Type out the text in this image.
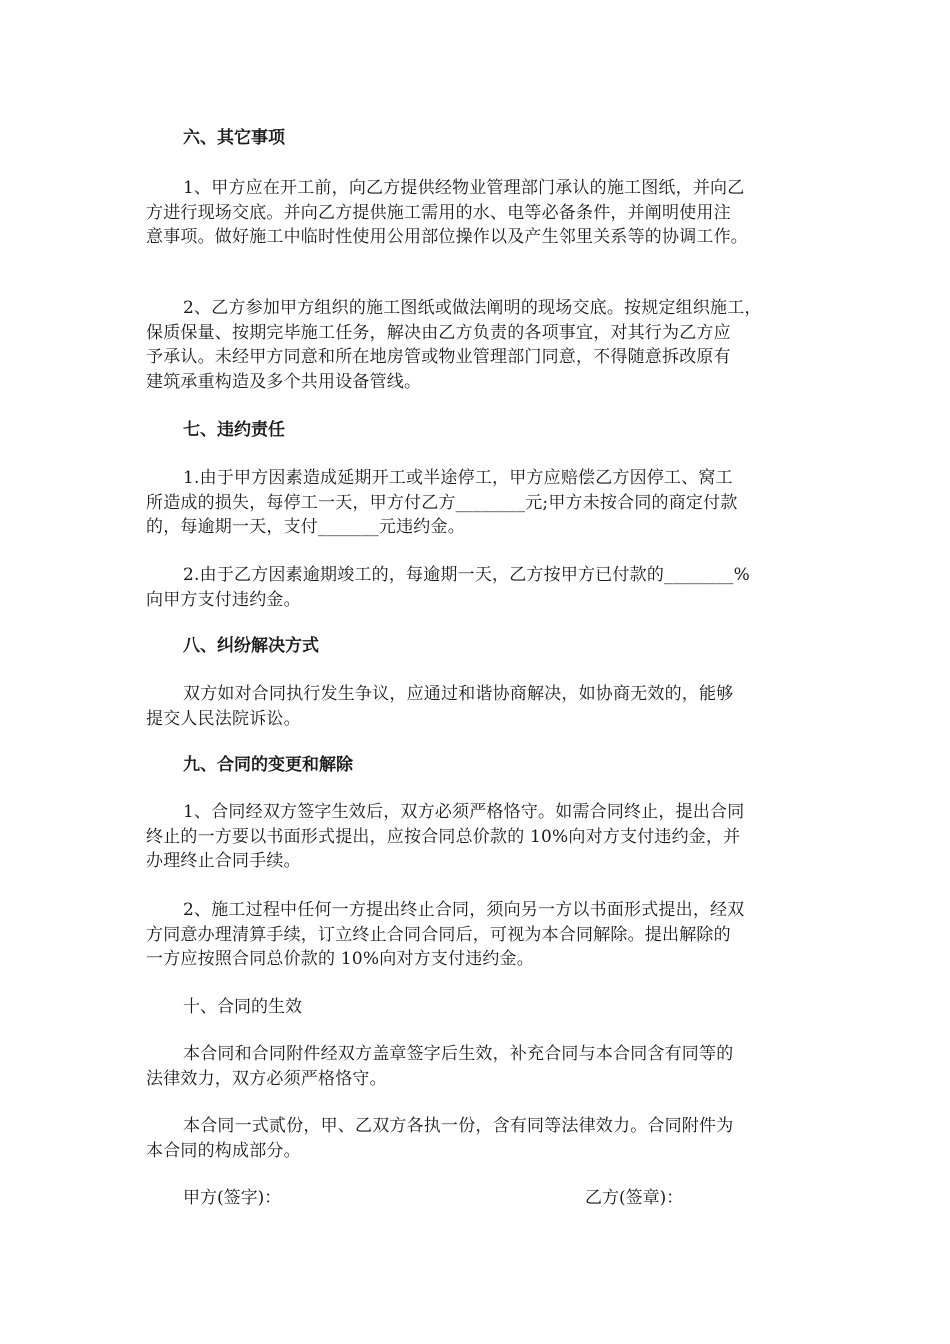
六、其它事项
1、甲方应在开工前，向乙方提供经物业管理部门承认的施工图纸，并向乙
方进行现场交底。并向乙方提供施工需用的水、电等必备条件，并阐明使用注
意事项。做好施工中临时性使用公用部位操作以及产生邻里关系等的协调工作。
2、乙方参加甲方组织的施工图纸或做法阐明的现场交底。按规定组织施工，
保质保量、按期完毕施工任务，解决由乙方负责的各项事宜，对其行为乙方应
予承认。未经甲方同意和所在地房管或物业管理部门同意，不得随意拆改原有
建筑承重构造及多个共用设备管线。
七、违约责任
1.由于甲方因素造成延期开工或半途停工，甲方应赔偿乙方因停工、窝工
所造成的损失，每停工一天，甲方付乙方________元;甲方未按合同的商定付款
的，每逾期一天，支付_______元违约金。
2.由于乙方因素逾期竣工的，每逾期一天，乙方按甲方已付款的________%
向甲方支付违约金。
八、纠纷解决方式
双方如对合同执行发生争议，应通过和谐协商解决，如协商无效的，能够
提交人民法院诉讼。
九、合同的变更和解除
1、合同经双方签字生效后，双方必须严格恪守。如需合同终止，提出合同
终止的一方要以书面形式提出，应按合同总价款的 10%向对方支付违约金，并
办理终止合同手续。
2、施工过程中任何一方提出终止合同，须向另一方以书面形式提出，经双
方同意办理清算手续，订立终止合同合同后，可视为本合同解除。提出解除的
一方应按照合同总价款的 10%向对方支付违约金。
十、合同的生效
本合同和合同附件经双方盖章签字后生效，补充合同与本合同含有同等的
法律效力，双方必须严格恪守。
本合同一式贰份，甲、乙双方各执一份，含有同等法律效力。合同附件为
本合同的构成部分。
甲方(签字)：	乙方(签章)：
